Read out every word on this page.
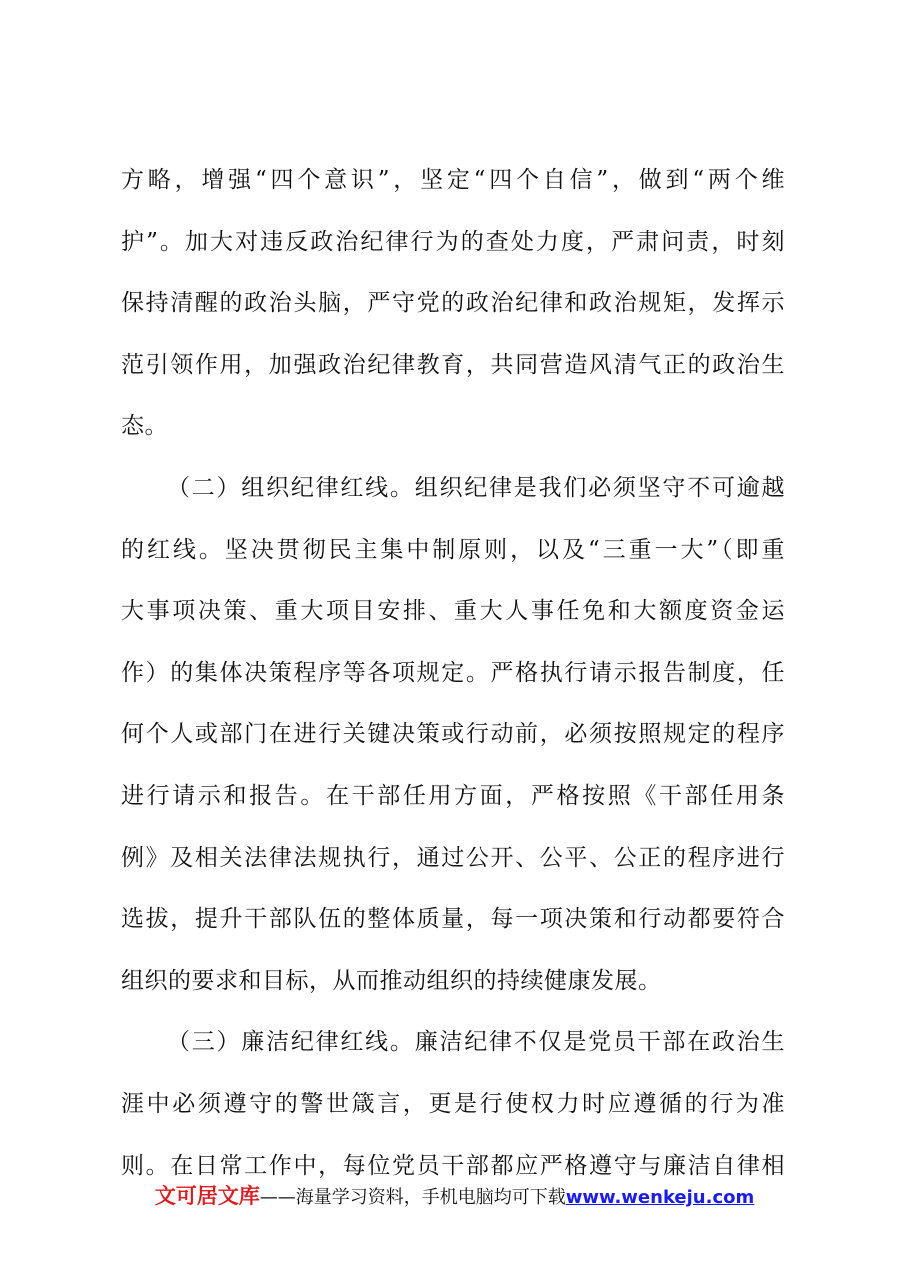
方略，增强“四个意识”，坚定“四个自信”，做到“两个维
护”。加大对违反政治纪律行为的查处力度，严肃问责，时刻
保持清醒的政治头脑，严守党的政治纪律和政治规矩，发挥示
范引领作用，加强政治纪律教育，共同营造风清气正的政治生
态。
（二）组织纪律红线。组织纪律是我们必须坚守不可逾越
的红线。坚决贯彻民主集中制原则，以及“三重一大”（即重
大事项决策、重大项目安排、重大人事任免和大额度资金运
作）的集体决策程序等各项规定。严格执行请示报告制度，任
何个人或部门在进行关键决策或行动前，必须按照规定的程序
进行请示和报告。在干部任用方面，严格按照《干部任用条
例》及相关法律法规执行，通过公开、公平、公正的程序进行
选拔，提升干部队伍的整体质量，每一项决策和行动都要符合
组织的要求和目标，从而推动组织的持续健康发展。
（三）廉洁纪律红线。廉洁纪律不仅是党员干部在政治生
涯中必须遵守的警世箴言，更是行使权力时应遵循的行为准
则。在日常工作中，每位党员干部都应严格遵守与廉洁自律相
文可居文库——海量学习资料，手机电脑均可下载www.wenkeju.com
